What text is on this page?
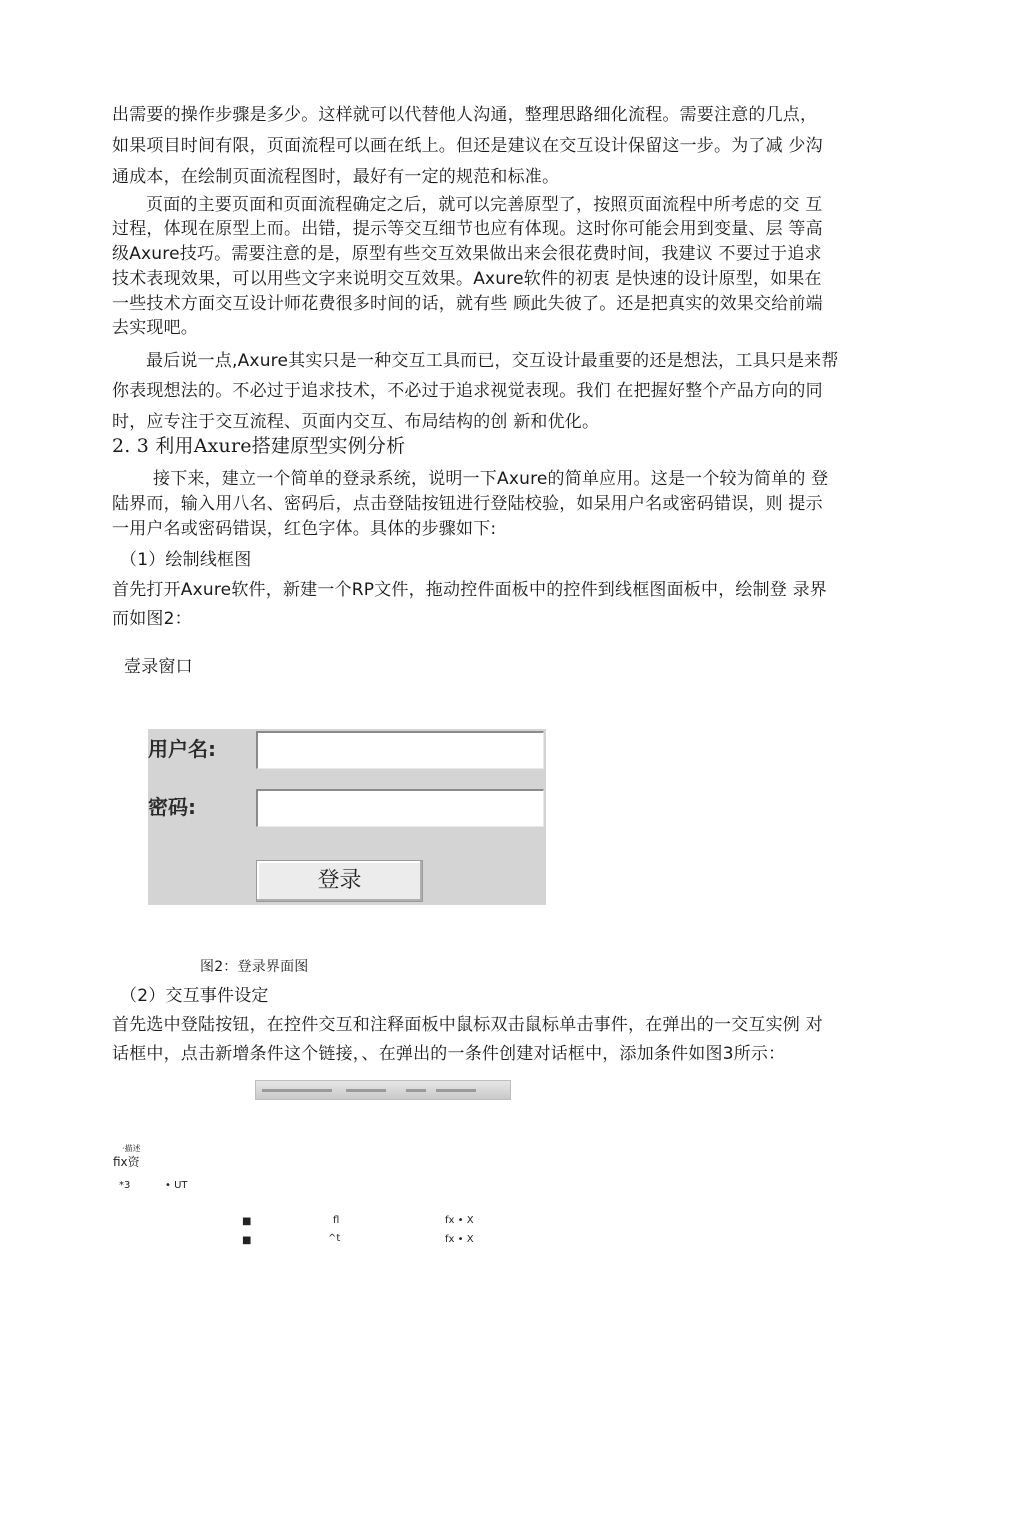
出需要的操作步骤是多少。这样就可以代替他人沟通，整理思路细化流程。需要注意的几点，
如果项目时间有限，页面流程可以画在纸上。但还是建议在交互设计保留这一步。为了减 少沟
通成本，在绘制页面流程图时，最好有一定的规范和标准。
页面的主要页面和页面流程确定之后，就可以完善原型了，按照页面流程中所考虑的交 互
过程，体现在原型上而。出错，提示等交互细节也应有体现。这时你可能会用到变量、层 等高
级Axure技巧。需要注意的是，原型有些交互效果做出来会很花费时间，我建议 不要过于追求
技术表现效果，可以用些文字来说明交互效果。Axure软件的初衷 是快速的设计原型，如果在
一些技术方面交互设计师花费很多时间的话，就有些 顾此失彼了。还是把真实的效果交给前端
去实现吧。
最后说一点,Axure其实只是一种交互工具而已，交互设计最重要的还是想法，工具只是来帮
你表现想法的。不必过于追求技术，不必过于追求视觉表现。我们 在把握好整个产品方向的同
时，应专注于交互流程、页面内交互、布局结构的创 新和优化。
2. 3 利用Axure搭建原型实例分析
接下来，建立一个简单的登录系统，说明一下Axure的简单应用。这是一个较为简单的 登
陆界而，输入用八名、密码后，点击登陆按钮进行登陆校验，如杲用户名或密码错误，则 提示
一用户名或密码错误，红色字体。具体的步骤如下:
（1）绘制线框图
首先打开Axure软件，新建一个RP文件，拖动控件面板中的控件到线框图面板中，绘制登 录界
而如图2：
壹录窗口
用户名:
密码:
登录
图2：登录界面图
（2）交互事件设定
首先选中登陆按钮，在控件交互和注释面板中鼠标双击鼠标单击事件，在弹出的一交互实例 对
话框中，点击新增条件这个链接，、在弹出的一条件创建对话框中，添加条件如图3所示：
·描述
fix资
*3	• UT
■	fl	fx • X
■	^t	fx • X
